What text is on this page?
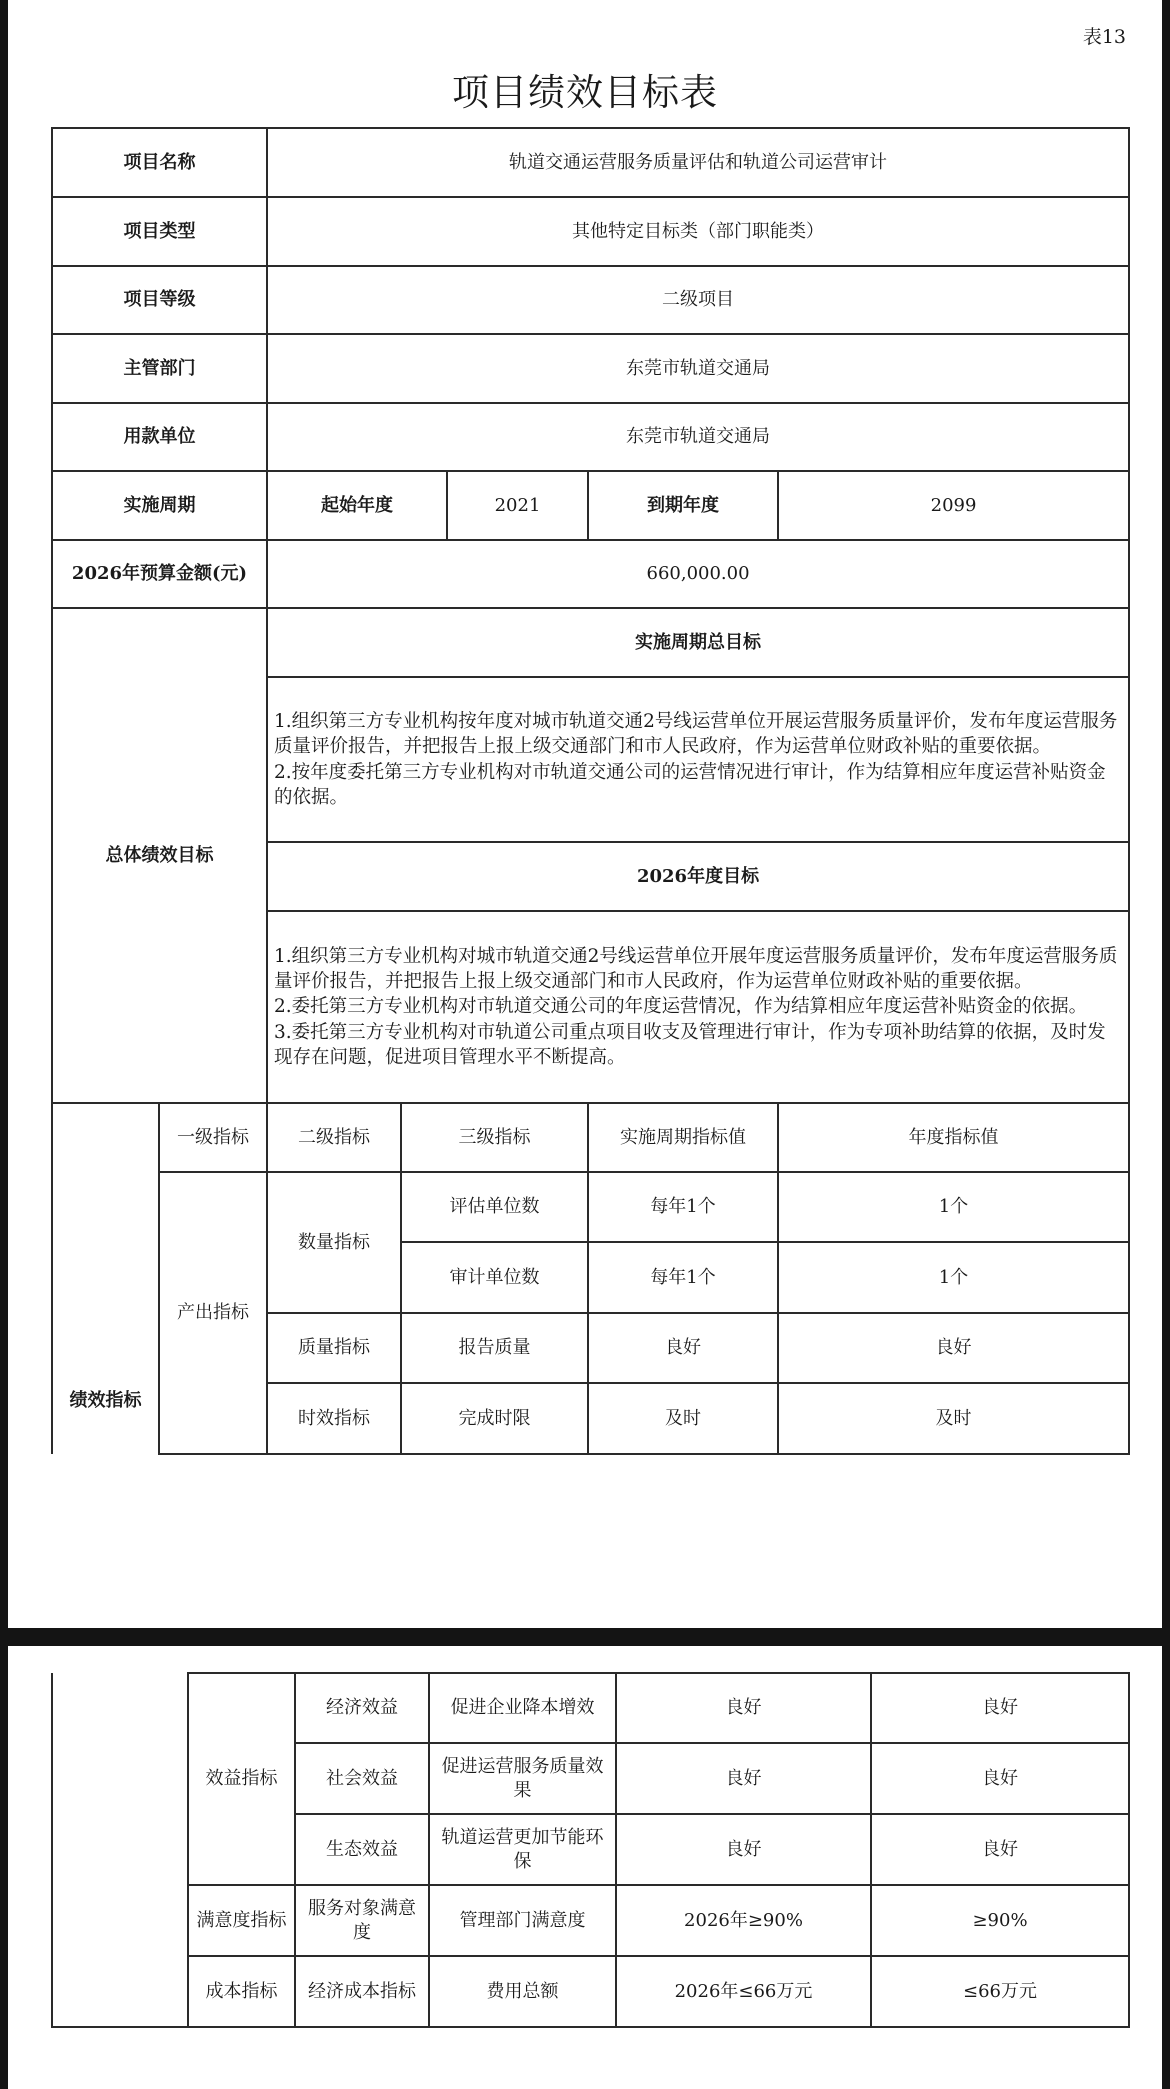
表13
项目绩效目标表
项目名称		轨道交通运营服务质量评估和轨道公司运营审计				
项目类型		其他特定目标类（部门职能类）				
项目等级		二级项目				
主管部门		东莞市轨道交通局				
用款单位		东莞市轨道交通局				
实施周期		起始年度		2021	到期年度	2099
2026年预算金额(元)		660,000.00				
总体绩效目标		实施周期总目标				

		1.组织第三方专业机构按年度对城市轨道交通2号线运营单位开展运营服务质量评价，发布年度运营服务质量评价报告，并把报告上报上级交通部门和市人民政府，作为运营单位财政补贴的重要依据。
2.按年度委托第三方专业机构对市轨道交通公司的运营情况进行审计，作为结算相应年度运营补贴资金的依据。				

		2026年度目标				

		1.组织第三方专业机构对城市轨道交通2号线运营单位开展年度运营服务质量评价，发布年度运营服务质量评价报告，并把报告上报上级交通部门和市人民政府，作为运营单位财政补贴的重要依据。
2.委托第三方专业机构对市轨道交通公司的年度运营情况，作为结算相应年度运营补贴资金的依据。
3.委托第三方专业机构对市轨道公司重点项目收支及管理进行审计，作为专项补助结算的依据，及时发现存在问题，促进项目管理水平不断提高。				

绩效指标	一级指标	二级指标	三级指标		实施周期指标值	年度指标值
	产出指标	数量指标	评估单位数		每年1个	1个
			审计单位数		每年1个	1个
		质量指标	报告质量		良好	良好
		时效指标	完成时限		及时	及时
	效益指标	经济效益	促进企业降本增效	良好	良好
		社会效益	促进运营服务质量效果	良好	良好
		生态效益	轨道运营更加节能环保	良好	良好
	满意度指标	服务对象满意度	管理部门满意度	2026年≥90%	≥90%
	成本指标	经济成本指标	费用总额	2026年≤66万元	≤66万元
